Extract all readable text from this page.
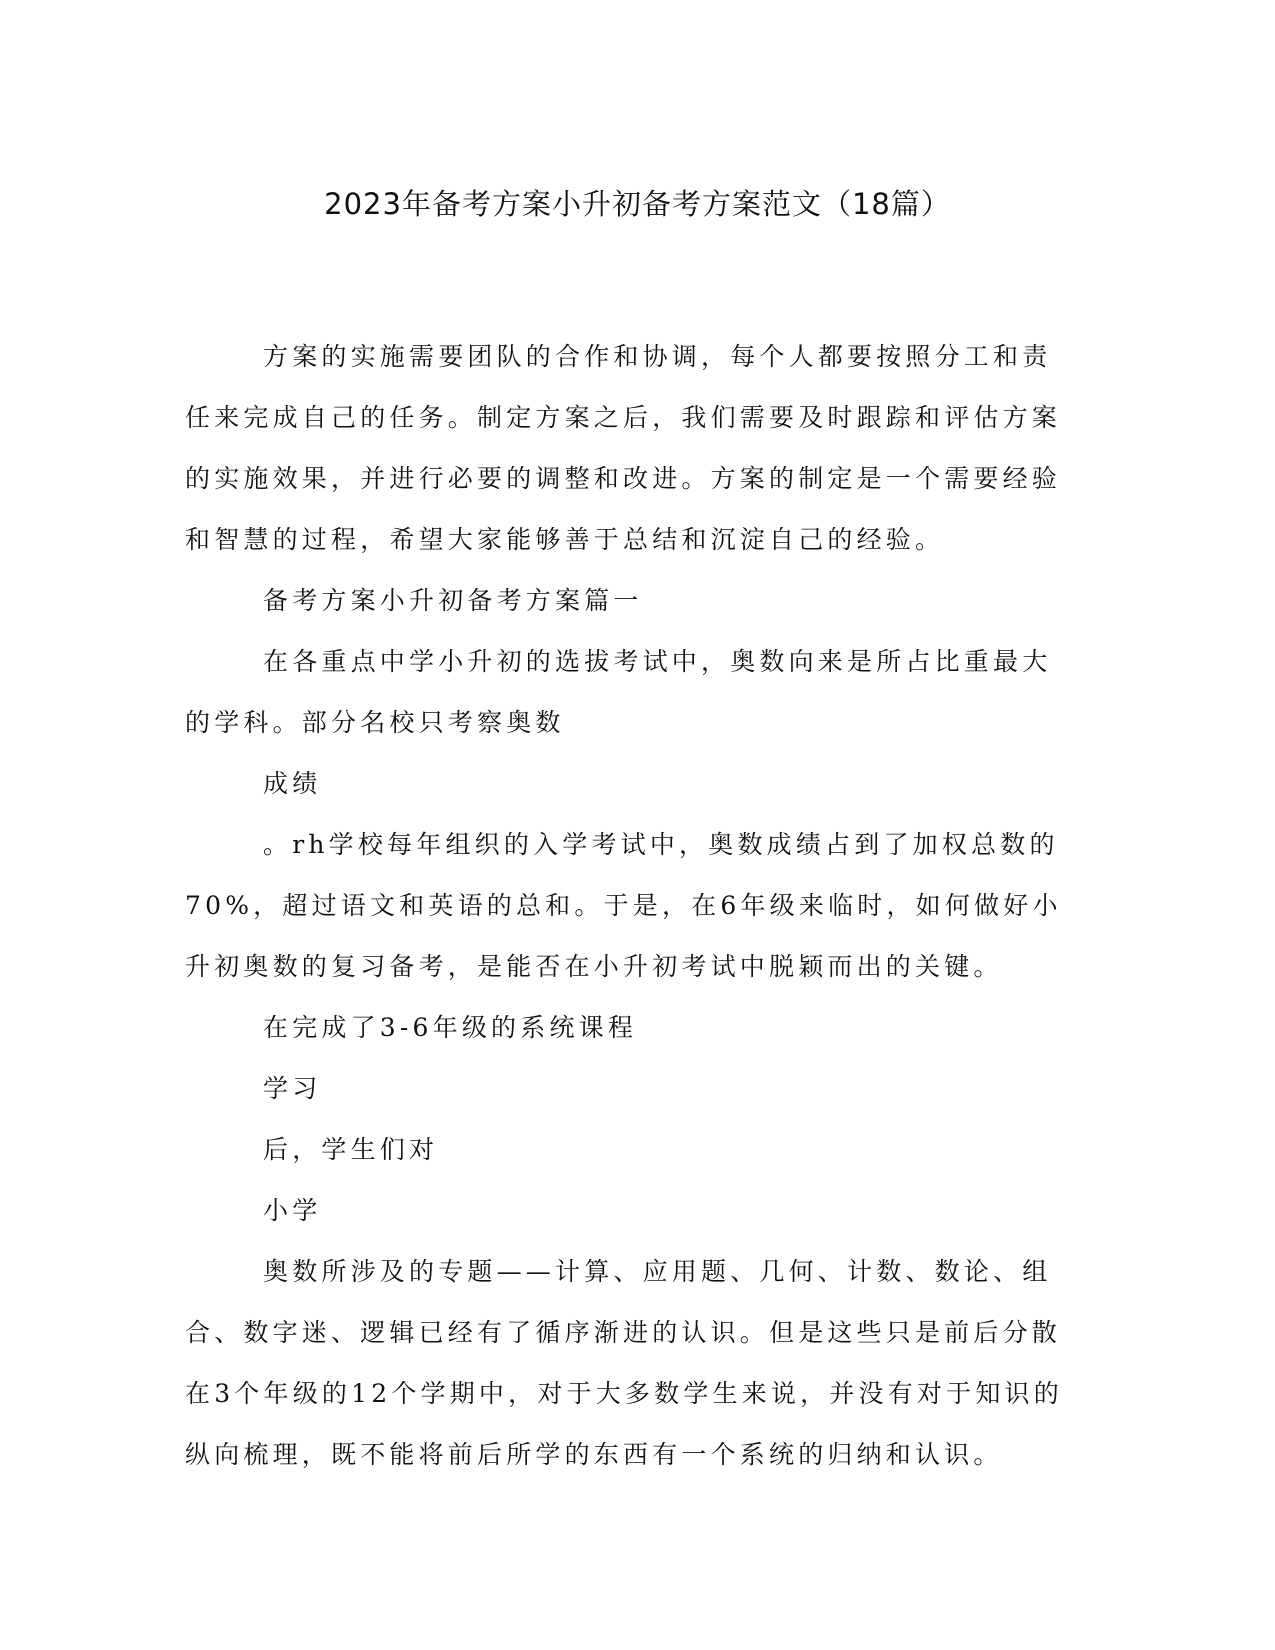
2023年备考方案小升初备考方案范文（18篇）

方案的实施需要团队的合作和协调，每个人都要按照分工和责任来完成自己的任务。制定方案之后，我们需要及时跟踪和评估方案的实施效果，并进行必要的调整和改进。方案的制定是一个需要经验和智慧的过程，希望大家能够善于总结和沉淀自己的经验。

备考方案小升初备考方案篇一

在各重点中学小升初的选拔考试中，奥数向来是所占比重最大的学科。部分名校只考察奥数

成绩

。rh学校每年组织的入学考试中，奥数成绩占到了加权总数的70%，超过语文和英语的总和。于是，在6年级来临时，如何做好小升初奥数的复习备考，是能否在小升初考试中脱颖而出的关键。

在完成了3-6年级的系统课程

学习

后，学生们对

小学

奥数所涉及的专题——计算、应用题、几何、计数、数论、组合、数字迷、逻辑已经有了循序渐进的认识。但是这些只是前后分散在3个年级的12个学期中，对于大多数学生来说，并没有对于知识的纵向梳理，既不能将前后所学的东西有一个系统的归纳和认识。
